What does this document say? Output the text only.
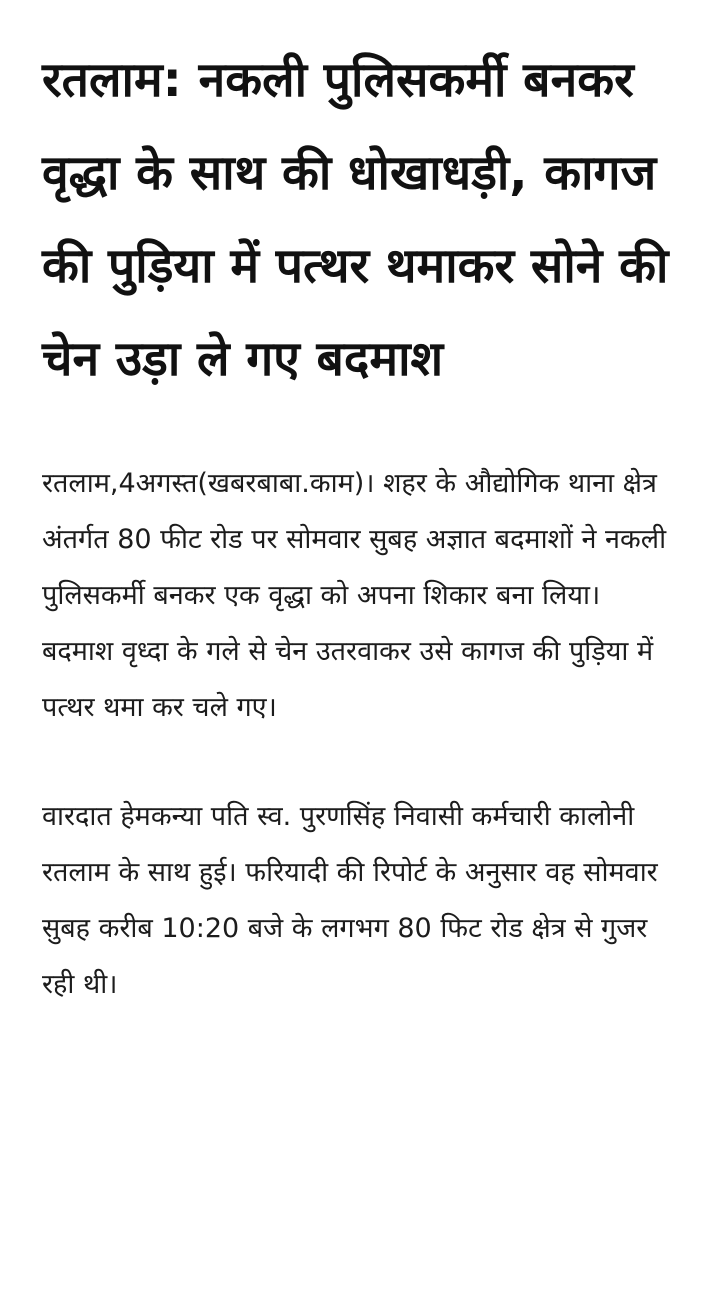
रतलाम: नकली पुलिसकर्मी बनकर वृद्धा के साथ की धोखाधड़ी, कागज की पुड़िया में पत्थर थमाकर सोने की चेन उड़ा ले गए बदमाश

रतलाम,4अगस्त(खबरबाबा.काम)। शहर के औद्योगिक थाना क्षेत्र अंतर्गत 80 फीट रोड पर सोमवार सुबह अज्ञात बदमाशों ने नकली पुलिसकर्मी बनकर एक वृद्धा को अपना शिकार बना लिया। बदमाश वृध्दा के गले से चेन उतरवाकर उसे कागज की पुड़िया में पत्थर थमा कर चले गए।

वारदात हेमकन्या पति स्व. पुरणसिंह निवासी कर्मचारी कालोनी रतलाम के साथ हुई। फरियादी की रिपोर्ट के अनुसार वह सोमवार सुबह करीब 10:20 बजे के लगभग 80 फिट रोड क्षेत्र से गुजर रही थी।
